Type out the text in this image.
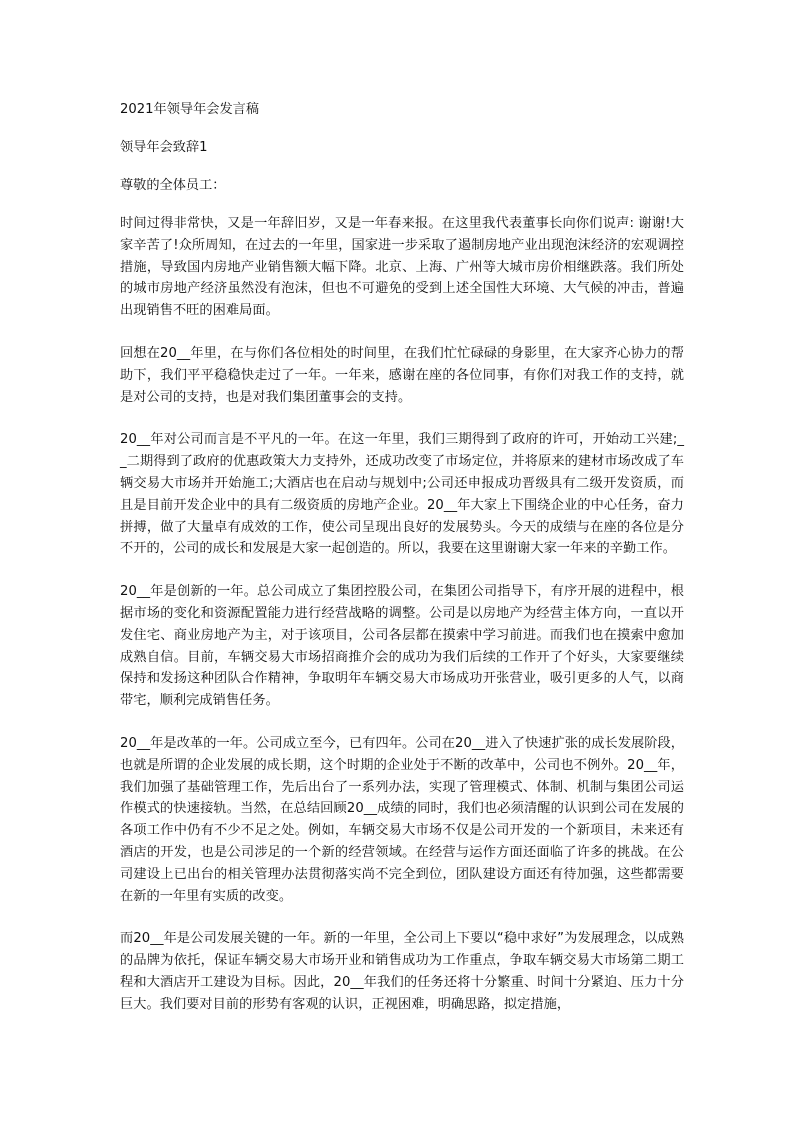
2021年领导年会发言稿
领导年会致辞1
尊敬的全体员工：

时间过得非常快，又是一年辞旧岁，又是一年春来报。在这里我代表董事长向你们说声: 谢谢!大家辛苦了!众所周知，在过去的一年里，国家进一步采取了遏制房地产业出现泡沫经济的宏观调控措施，导致国内房地产业销售额大幅下降。北京、上海、广州等大城市房价相继跌落。我们所处的城市房地产经济虽然没有泡沫，但也不可避免的受到上述全国性大环境、大气候的冲击，普遍出现销售不旺的困难局面。

回想在20__年里，在与你们各位相处的时间里，在我们忙忙碌碌的身影里，在大家齐心协力的帮助下，我们平平稳稳快走过了一年。一年来，感谢在座的各位同事，有你们对我工作的支持，就是对公司的支持，也是对我们集团董事会的支持。

20__年对公司而言是不平凡的一年。在这一年里，我们三期得到了政府的许可，开始动工兴建;__二期得到了政府的优惠政策大力支持外，还成功改变了市场定位，并将原来的建材市场改成了车辆交易大市场并开始施工;大酒店也在启动与规划中;公司还申报成功晋级具有二级开发资质，而且是目前开发企业中的具有二级资质的房地产企业。20__年大家上下围绕企业的中心任务，奋力拼搏，做了大量卓有成效的工作，使公司呈现出良好的发展势头。今天的成绩与在座的各位是分不开的，公司的成长和发展是大家一起创造的。所以，我要在这里谢谢大家一年来的辛勤工作。

20__年是创新的一年。总公司成立了集团控股公司，在集团公司指导下，有序开展的进程中，根据市场的变化和资源配置能力进行经营战略的调整。公司是以房地产为经营主体方向，一直以开发住宅、商业房地产为主，对于该项目，公司各层都在摸索中学习前进。而我们也在摸索中愈加成熟自信。目前，车辆交易大市场招商推介会的成功为我们后续的工作开了个好头，大家要继续保持和发扬这种团队合作精神，争取明年车辆交易大市场成功开张营业，吸引更多的人气，以商带宅，顺利完成销售任务。

20__年是改革的一年。公司成立至今，已有四年。公司在20__进入了快速扩张的成长发展阶段，也就是所谓的企业发展的成长期，这个时期的企业处于不断的改革中，公司也不例外。20__年，我们加强了基础管理工作，先后出台了一系列办法，实现了管理模式、体制、机制与集团公司运作模式的快速接轨。当然，在总结回顾20__成绩的同时，我们也必须清醒的认识到公司在发展的各项工作中仍有不少不足之处。例如，车辆交易大市场不仅是公司开发的一个新项目，未来还有酒店的开发，也是公司涉足的一个新的经营领域。在经营与运作方面还面临了许多的挑战。在公司建设上已出台的相关管理办法贯彻落实尚不完全到位，团队建设方面还有待加强，这些都需要在新的一年里有实质的改变。

而20__年是公司发展关键的一年。新的一年里，全公司上下要以“稳中求好”为发展理念，以成熟的品牌为依托，保证车辆交易大市场开业和销售成功为工作重点，争取车辆交易大市场第二期工程和大酒店开工建设为目标。因此，20__年我们的任务还将十分繁重、时间十分紧迫、压力十分巨大。我们要对目前的形势有客观的认识，正视困难，明确思路，拟定措施，
